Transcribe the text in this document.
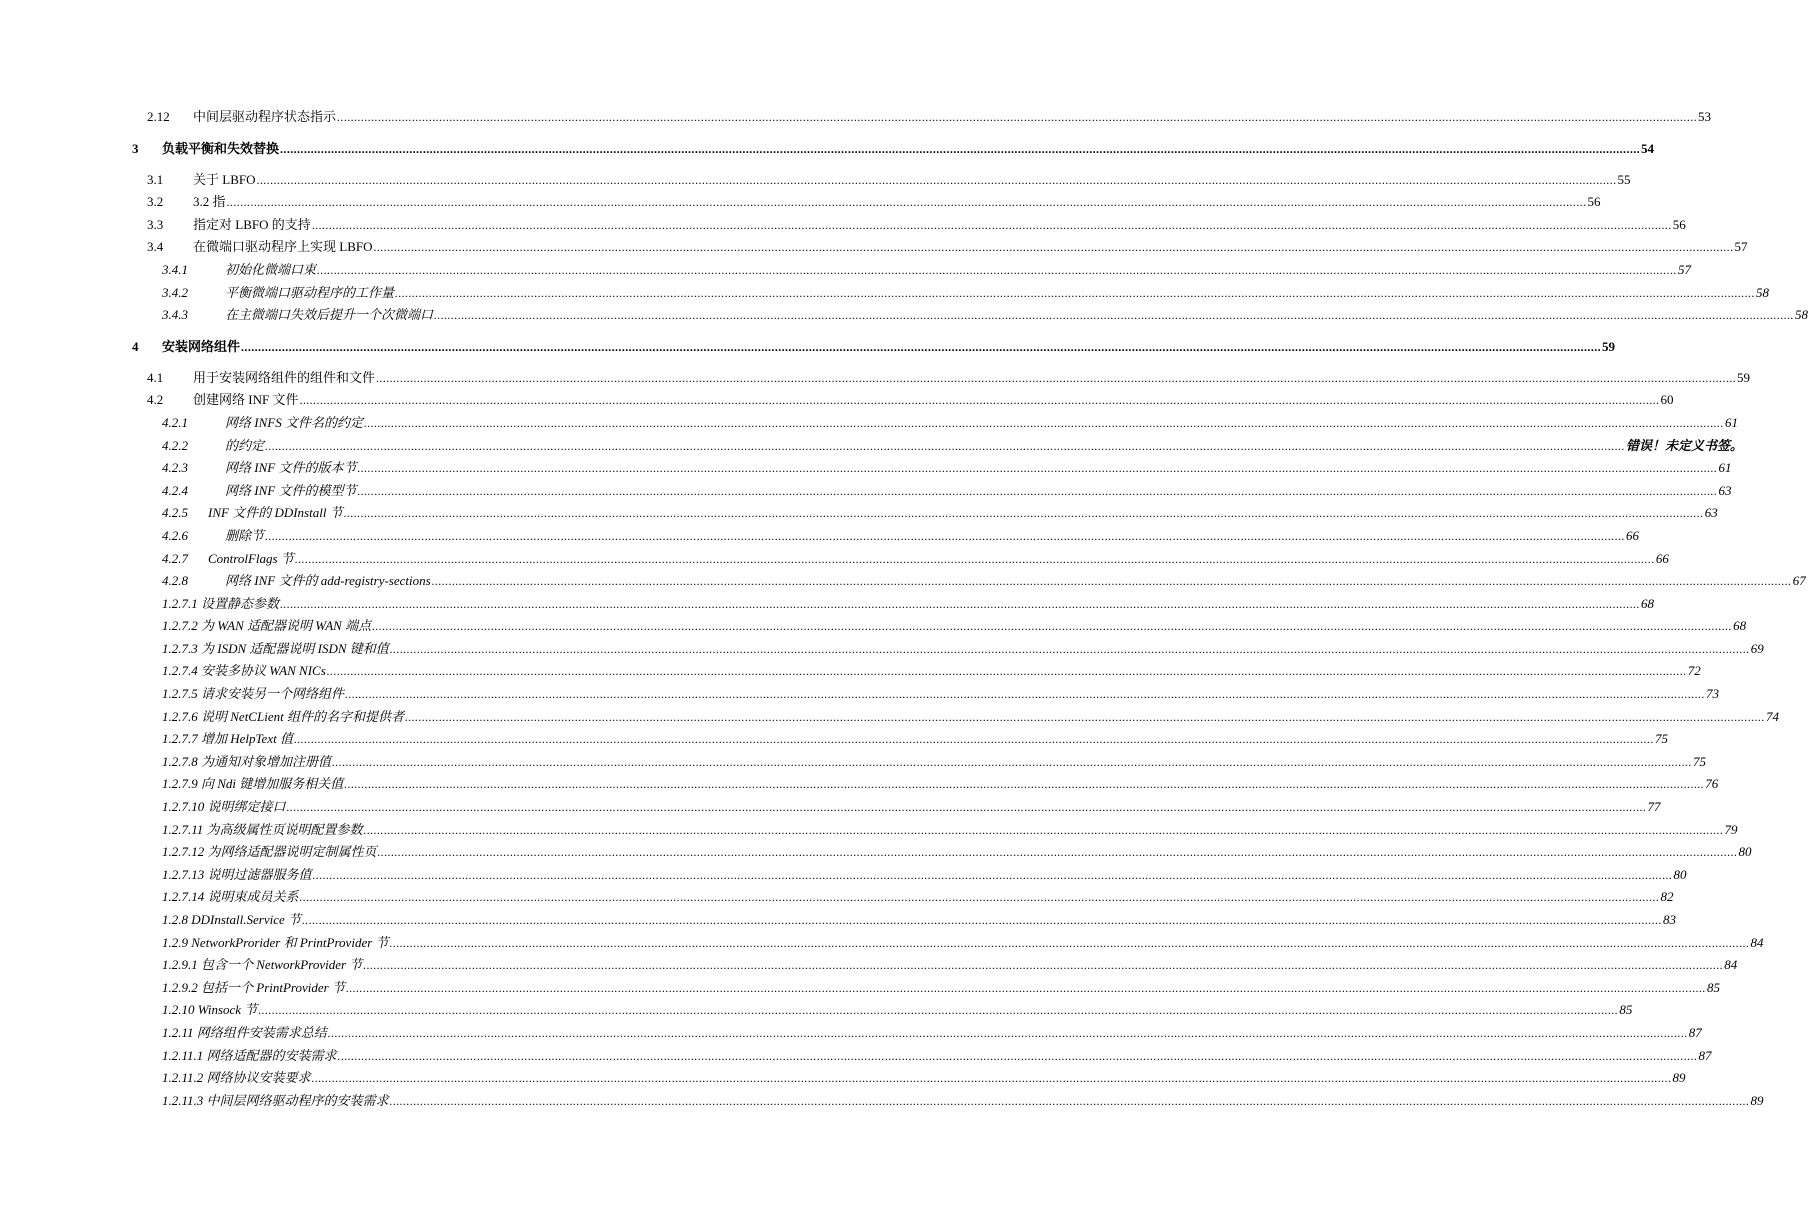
2.12 中间层驱动程序状态指示 ................................................................................................................................................................................................................................................................................................................................................................................................................ 53
3 负载平衡和失效替换 ................................................................................................................................................................................................................................................................................................................................................................................................................ 54
3.1 关于 LBFO ................................................................................................................................................................................................................................................................................................................................................................................................................ 55
3.2 3.2 指 ................................................................................................................................................................................................................................................................................................................................................................................................................ 56
3.3 指定对 LBFO 的支持 ................................................................................................................................................................................................................................................................................................................................................................................................................ 56
3.4 在微端口驱动程序上实现 LBFO ................................................................................................................................................................................................................................................................................................................................................................................................................ 57
3.4.1	初始化微端口束 ................................................................................................................................................................................................................................................................................................................................................................................................................ 57
3.4.2	平衡微端口驱动程序的工作量 ................................................................................................................................................................................................................................................................................................................................................................................................................ 58
3.4.3	在主微端口失效后提升一个次微端口 ................................................................................................................................................................................................................................................................................................................................................................................................................ 58
4 安装网络组件 ................................................................................................................................................................................................................................................................................................................................................................................................................ 59
4.1 用于安装网络组件的组件和文件 ................................................................................................................................................................................................................................................................................................................................................................................................................ 59
4.2 创建网络 INF 文件 ................................................................................................................................................................................................................................................................................................................................................................................................................ 60
4.2.1	网络 INFS 文件名的约定 ................................................................................................................................................................................................................................................................................................................................................................................................................ 61
4.2.2	的约定 ................................................................................................................................................................................................................................................................................................................................................................................................................ 错误！未定义书签。
4.2.3	网络 INF 文件的版本节 ................................................................................................................................................................................................................................................................................................................................................................................................................ 61
4.2.4	网络 INF 文件的模型节 ................................................................................................................................................................................................................................................................................................................................................................................................................ 63
4.2.5 INF 文件的 DDInstall 节 ................................................................................................................................................................................................................................................................................................................................................................................................................ 63
4.2.6	删除节 ................................................................................................................................................................................................................................................................................................................................................................................................................ 66
4.2.7 ControlFlags 节 ................................................................................................................................................................................................................................................................................................................................................................................................................ 66
4.2.8	网络 INF 文件的 add-registry-sections ................................................................................................................................................................................................................................................................................................................................................................................................................ 67
1.2.7.1 设置静态参数 ................................................................................................................................................................................................................................................................................................................................................................................................................ 68
1.2.7.2 为 WAN 适配器说明 WAN 端点 ................................................................................................................................................................................................................................................................................................................................................................................................................ 68
1.2.7.3 为 ISDN 适配器说明 ISDN 键和值 ................................................................................................................................................................................................................................................................................................................................................................................................................ 69
1.2.7.4 安装多协议 WAN NICs ................................................................................................................................................................................................................................................................................................................................................................................................................ 72
1.2.7.5 请求安装另一个网络组件 ................................................................................................................................................................................................................................................................................................................................................................................................................ 73
1.2.7.6 说明 NetCLient 组件的名字和提供者 ................................................................................................................................................................................................................................................................................................................................................................................................................ 74
1.2.7.7 增加 HelpText 值 ................................................................................................................................................................................................................................................................................................................................................................................................................ 75
1.2.7.8 为通知对象增加注册值 ................................................................................................................................................................................................................................................................................................................................................................................................................ 75
1.2.7.9 向 Ndi 键增加服务相关值 ................................................................................................................................................................................................................................................................................................................................................................................................................ 76
1.2.7.10 说明绑定接口 ................................................................................................................................................................................................................................................................................................................................................................................................................ 77
1.2.7.11 为高级属性页说明配置参数 ................................................................................................................................................................................................................................................................................................................................................................................................................ 79
1.2.7.12 为网络适配器说明定制属性页 ................................................................................................................................................................................................................................................................................................................................................................................................................ 80
1.2.7.13 说明过滤器服务值 ................................................................................................................................................................................................................................................................................................................................................................................................................ 80
1.2.7.14 说明束成员关系 ................................................................................................................................................................................................................................................................................................................................................................................................................ 82
1.2.8 DDInstall.Service 节 ................................................................................................................................................................................................................................................................................................................................................................................................................ 83
1.2.9 NetworkProrider 和 PrintProvider 节 ................................................................................................................................................................................................................................................................................................................................................................................................................ 84
1.2.9.1 包含一个 NetworkProvider 节 ................................................................................................................................................................................................................................................................................................................................................................................................................ 84
1.2.9.2 包括一个 PrintProvider 节 ................................................................................................................................................................................................................................................................................................................................................................................................................ 85
1.2.10 Winsock 节 ................................................................................................................................................................................................................................................................................................................................................................................................................ 85
1.2.11 网络组件安装需求总结 ................................................................................................................................................................................................................................................................................................................................................................................................................ 87
1.2.11.1 网络适配器的安装需求 ................................................................................................................................................................................................................................................................................................................................................................................................................ 87
1.2.11.2 网络协议安装要求 ................................................................................................................................................................................................................................................................................................................................................................................................................ 89
1.2.11.3 中间层网络驱动程序的安装需求 ................................................................................................................................................................................................................................................................................................................................................................................................................ 89
